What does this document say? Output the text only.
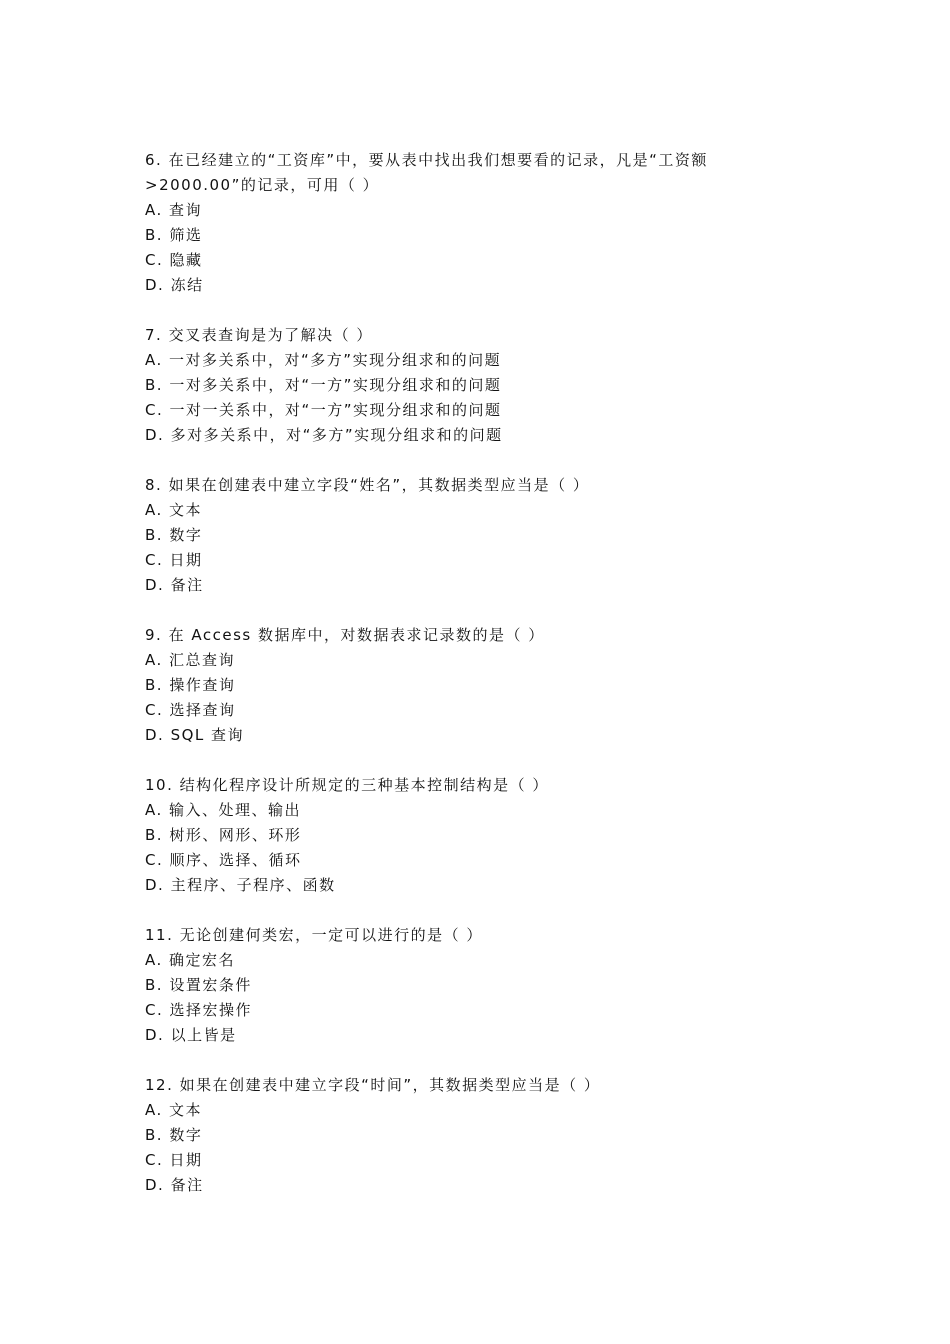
6. 在已经建立的“工资库”中，要从表中找出我们想要看的记录，凡是“工资额>2000.00”的记录，可用（ ）
A. 查询
B. 筛选
C. 隐藏
D. 冻结
7. 交叉表查询是为了解决（ ）
A. 一对多关系中，对“多方”实现分组求和的问题
B. 一对多关系中，对“一方”实现分组求和的问题
C. 一对一关系中，对“一方”实现分组求和的问题
D. 多对多关系中，对“多方”实现分组求和的问题
8. 如果在创建表中建立字段“姓名”，其数据类型应当是（ ）
A. 文本
B. 数字
C. 日期
D. 备注
9. 在 Access 数据库中，对数据表求记录数的是（ ）
A. 汇总查询
B. 操作查询
C. 选择查询
D. SQL 查询
10. 结构化程序设计所规定的三种基本控制结构是（ ）
A. 输入、处理、输出
B. 树形、网形、环形
C. 顺序、选择、循环
D. 主程序、子程序、函数
11. 无论创建何类宏，一定可以进行的是（ ）
A. 确定宏名
B. 设置宏条件
C. 选择宏操作
D. 以上皆是
12. 如果在创建表中建立字段“时间”，其数据类型应当是（ ）
A. 文本
B. 数字
C. 日期
D. 备注
